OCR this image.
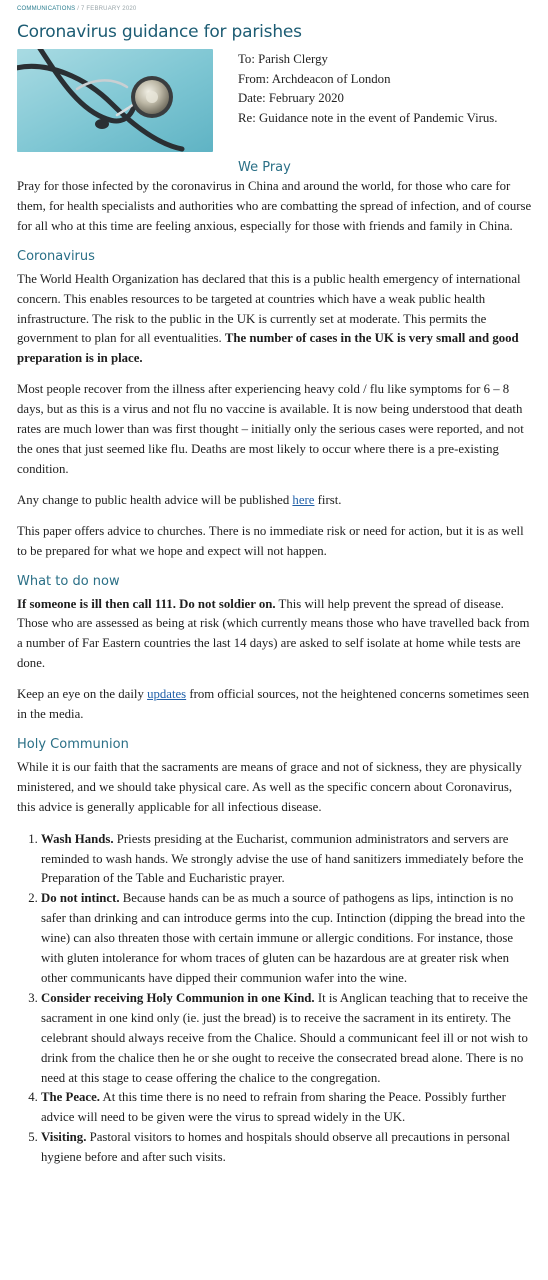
COMMUNICATIONS / 7 FEBRUARY 2020
Coronavirus guidance for parishes
To: Parish Clergy
From: Archdeacon of London
Date: February 2020
Re: Guidance note in the event of Pandemic Virus.
We Pray

Pray for those infected by the coronavirus in China and around the world, for those who care for them, for health specialists and authorities who are combatting the spread of infection, and of course for all who at this time are feeling anxious, especially for those with friends and family in China.

Coronavirus

The World Health Organization has declared that this is a public health emergency of international concern. This enables resources to be targeted at countries which have a weak public health infrastructure. The risk to the public in the UK is currently set at moderate. This permits the government to plan for all eventualities. The number of cases in the UK is very small and good preparation is in place.

Most people recover from the illness after experiencing heavy cold / flu like symptoms for 6 – 8 days, but as this is a virus and not flu no vaccine is available. It is now being understood that death rates are much lower than was first thought – initially only the serious cases were reported, and not the ones that just seemed like flu. Deaths are most likely to occur where there is a pre-existing condition.

Any change to public health advice will be published here first.

This paper offers advice to churches. There is no immediate risk or need for action, but it is as well to be prepared for what we hope and expect will not happen.

What to do now

If someone is ill then call 111. Do not soldier on. This will help prevent the spread of disease. Those who are assessed as being at risk (which currently means those who have travelled back from a number of Far Eastern countries the last 14 days) are asked to self isolate at home while tests are done.

Keep an eye on the daily updates from official sources, not the heightened concerns sometimes seen in the media.

Holy Communion

While it is our faith that the sacraments are means of grace and not of sickness, they are physically ministered, and we should take physical care. As well as the specific concern about Coronavirus, this advice is generally applicable for all infectious disease.

1. Wash Hands. Priests presiding at the Eucharist, communion administrators and servers are reminded to wash hands. We strongly advise the use of hand sanitizers immediately before the Preparation of the Table and Eucharistic prayer.
2. Do not intinct. Because hands can be as much a source of pathogens as lips, intinction is no safer than drinking and can introduce germs into the cup. Intinction (dipping the bread into the wine) can also threaten those with certain immune or allergic conditions. For instance, those with gluten intolerance for whom traces of gluten can be hazardous are at greater risk when other communicants have dipped their communion wafer into the wine.
3. Consider receiving Holy Communion in one Kind. It is Anglican teaching that to receive the sacrament in one kind only (ie. just the bread) is to receive the sacrament in its entirety. The celebrant should always receive from the Chalice. Should a communicant feel ill or not wish to drink from the chalice then he or she ought to receive the consecrated bread alone. There is no need at this stage to cease offering the chalice to the congregation.
4. The Peace. At this time there is no need to refrain from sharing the Peace. Possibly further advice will need to be given were the virus to spread widely in the UK.
5. Visiting. Pastoral visitors to homes and hospitals should observe all precautions in personal hygiene before and after such visits.
